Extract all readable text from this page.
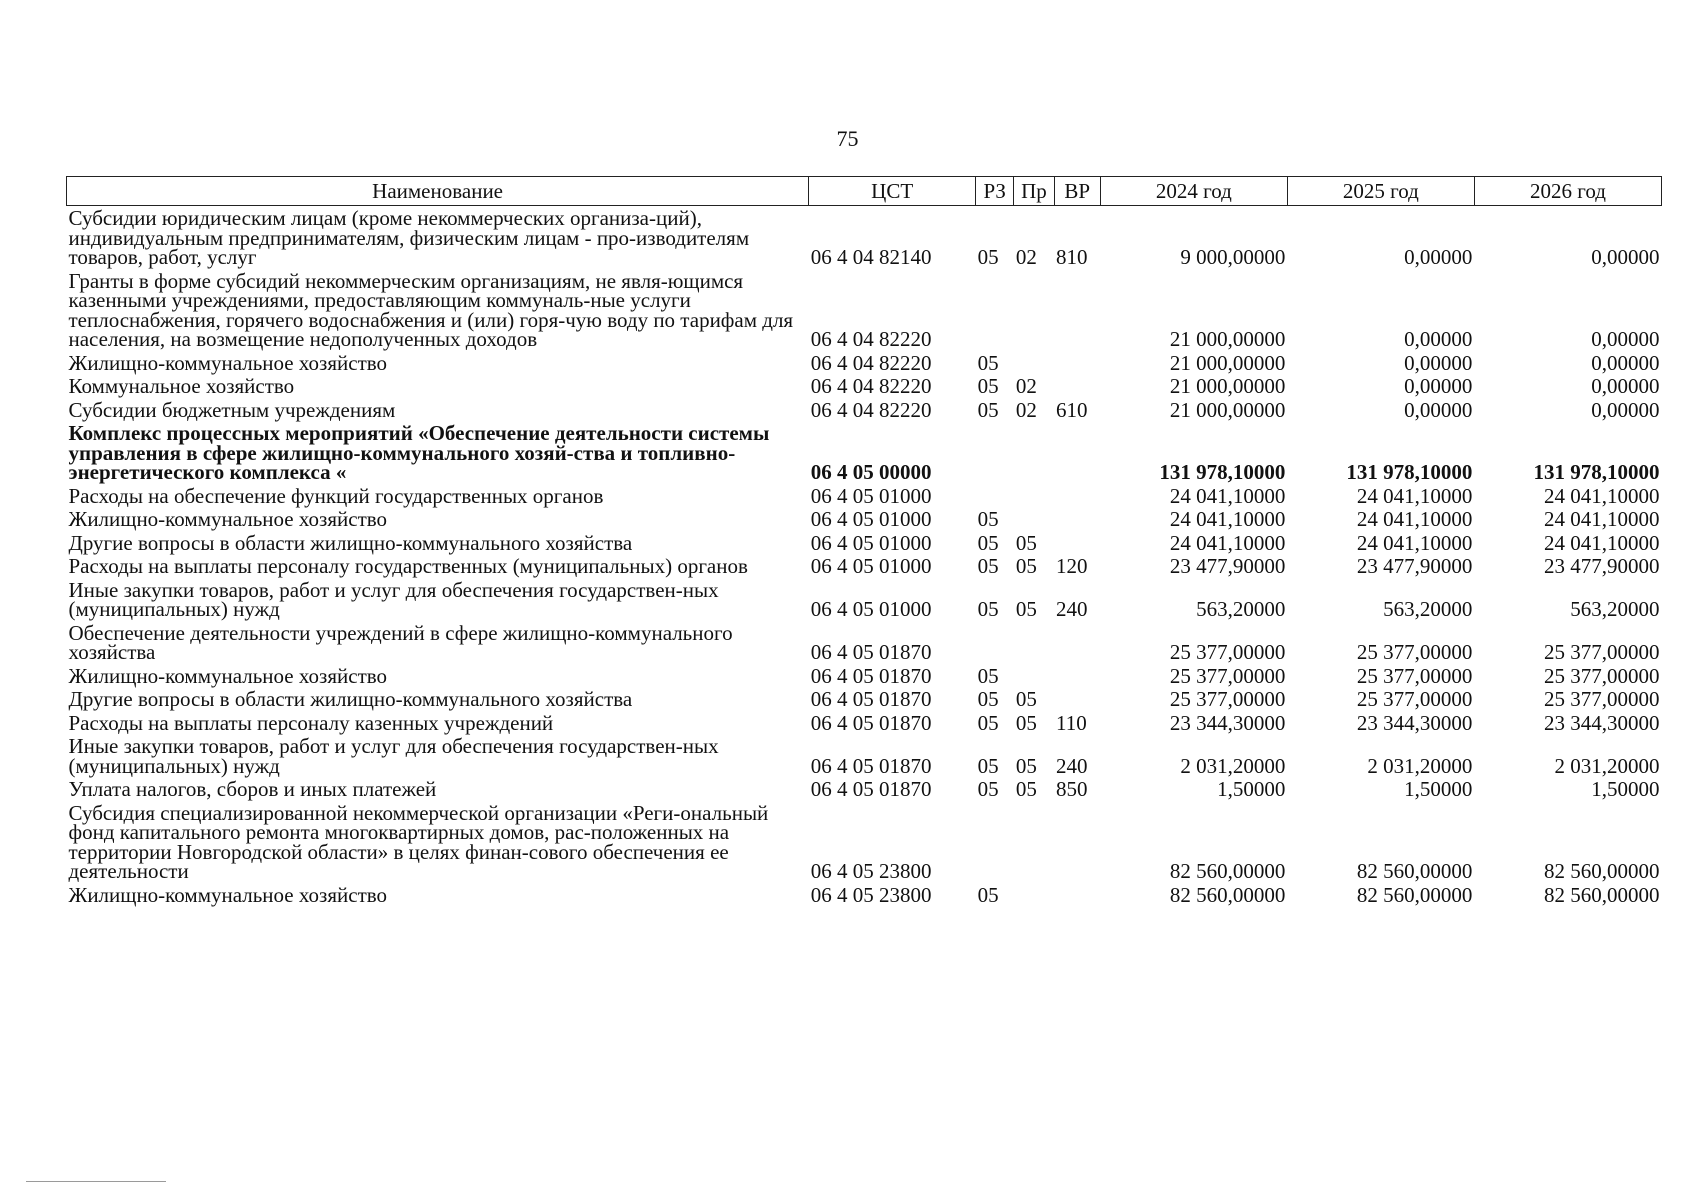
75
Наименование	ЦСТ	РЗ	Пр	ВР	2024 год	2025 год	2026 год
Субсидии юридическим лицам (кроме некоммерческих организа-ций), индивидуальным предпринимателям, физическим лицам - про-изводителям товаров, работ, услуг	06 4 04 82140	05	02	810	9 000,00000	0,00000	0,00000
Гранты в форме субсидий некоммерческим организациям, не явля-ющимся казенными учреждениями, предоставляющим коммуналь-ные услуги теплоснабжения, горячего водоснабжения и (или) горя-чую воду по тарифам для населения, на возмещение недополученных доходов	06 4 04 82220				21 000,00000	0,00000	0,00000
Жилищно-коммунальное хозяйство	06 4 04 82220	05			21 000,00000	0,00000	0,00000
Коммунальное хозяйство	06 4 04 82220	05	02		21 000,00000	0,00000	0,00000
Субсидии бюджетным учреждениям	06 4 04 82220	05	02	610	21 000,00000	0,00000	0,00000
Комплекс процессных мероприятий «Обеспечение деятельности системы управления в сфере жилищно-коммунального хозяй-ства и топливно-энергетического комплекса «	06 4 05 00000				131 978,10000	131 978,10000	131 978,10000
Расходы на обеспечение функций государственных органов	06 4 05 01000				24 041,10000	24 041,10000	24 041,10000
Жилищно-коммунальное хозяйство	06 4 05 01000	05			24 041,10000	24 041,10000	24 041,10000
Другие вопросы в области жилищно-коммунального хозяйства	06 4 05 01000	05	05		24 041,10000	24 041,10000	24 041,10000
Расходы на выплаты персоналу государственных (муниципальных) органов	06 4 05 01000	05	05	120	23 477,90000	23 477,90000	23 477,90000
Иные закупки товаров, работ и услуг для обеспечения государствен-ных (муниципальных) нужд	06 4 05 01000	05	05	240	563,20000	563,20000	563,20000
Обеспечение деятельности учреждений в сфере жилищно-коммунального хозяйства	06 4 05 01870				25 377,00000	25 377,00000	25 377,00000
Жилищно-коммунальное хозяйство	06 4 05 01870	05			25 377,00000	25 377,00000	25 377,00000
Другие вопросы в области жилищно-коммунального хозяйства	06 4 05 01870	05	05		25 377,00000	25 377,00000	25 377,00000
Расходы на выплаты персоналу казенных учреждений	06 4 05 01870	05	05	110	23 344,30000	23 344,30000	23 344,30000
Иные закупки товаров, работ и услуг для обеспечения государствен-ных (муниципальных) нужд	06 4 05 01870	05	05	240	2 031,20000	2 031,20000	2 031,20000
Уплата налогов, сборов и иных платежей	06 4 05 01870	05	05	850	1,50000	1,50000	1,50000
Субсидия специализированной некоммерческой организации «Реги-ональный фонд капитального ремонта многоквартирных домов, рас-положенных на территории Новгородской области» в целях финан-сового обеспечения ее деятельности	06 4 05 23800				82 560,00000	82 560,00000	82 560,00000
Жилищно-коммунальное хозяйство	06 4 05 23800	05			82 560,00000	82 560,00000	82 560,00000
